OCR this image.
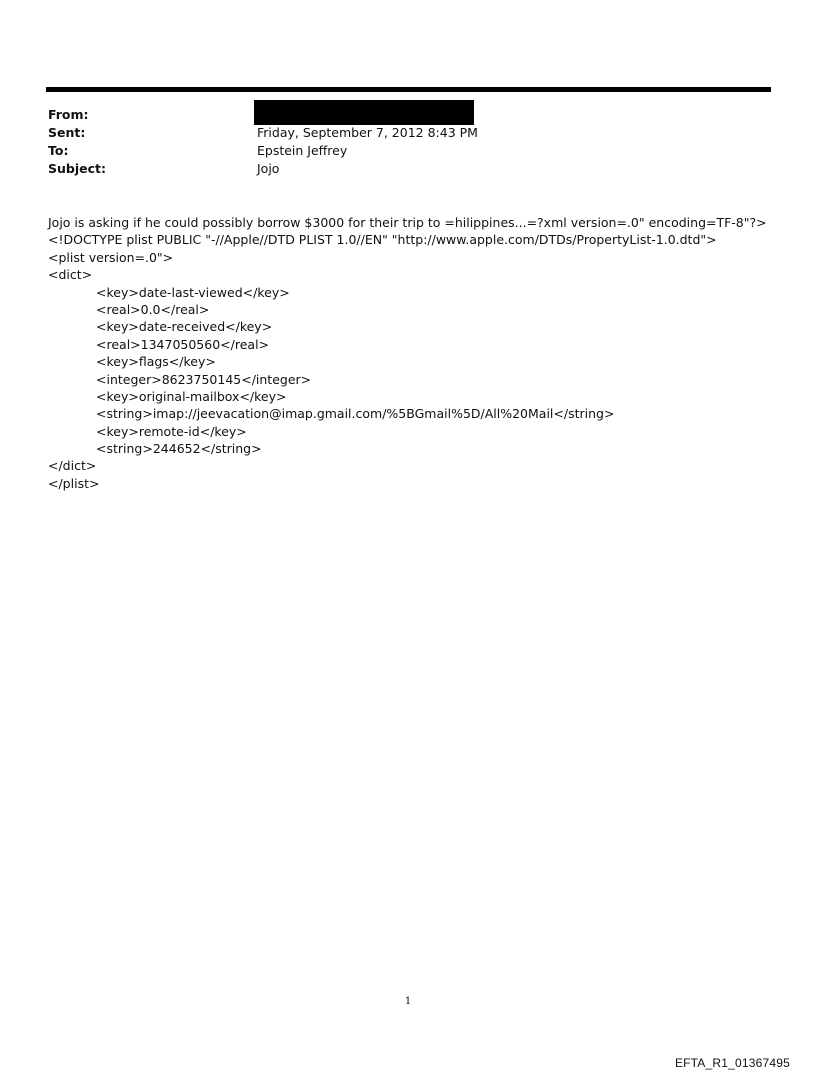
From:
Sent:	Friday, September 7, 2012 8:43 PM
To:	Epstein Jeffrey
Subject:	Jojo
Jojo is asking if he could possibly borrow $3000 for their trip to =hilippines...=?xml version=.0" encoding=TF-8"?>
<!DOCTYPE plist PUBLIC "-//Apple//DTD PLIST 1.0//EN" "http://www.apple.com/DTDs/PropertyList-1.0.dtd">
<plist version=.0">
<dict>
<key>date-last-viewed</key>
<real>0.0</real>
<key>date-received</key>
<real>1347050560</real>
<key>flags</key>
<integer>8623750145</integer>
<key>original-mailbox</key>
<string>imap://jeevacation@imap.gmail.com/%5BGmail%5D/All%20Mail</string>
<key>remote-id</key>
<string>244652</string>
</dict>
</plist>
1
EFTA_R1_01367495
